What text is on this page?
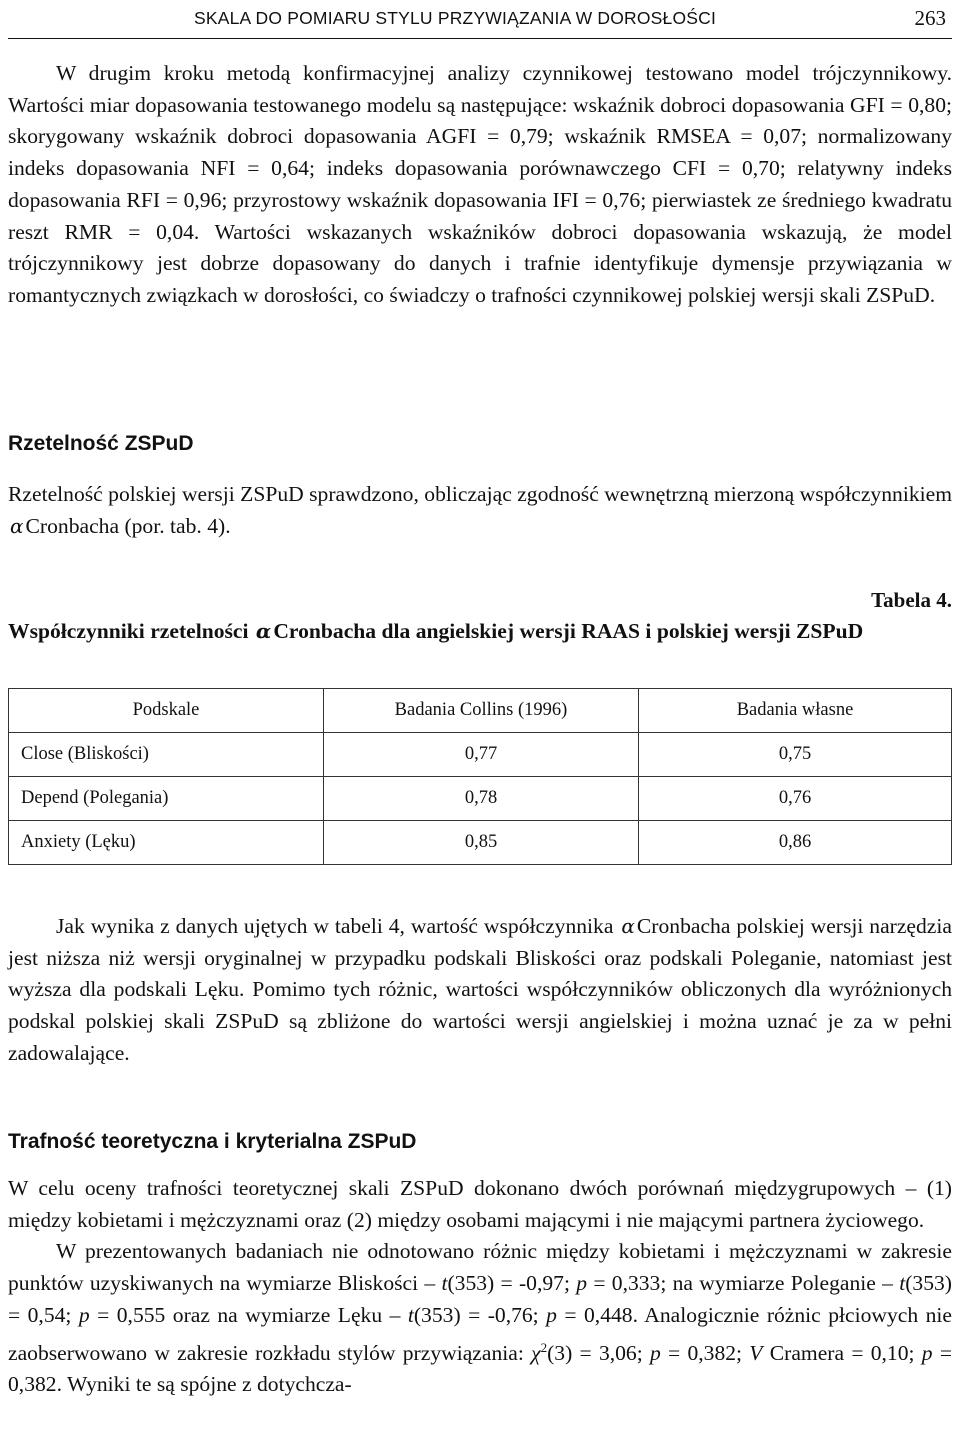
SKALA DO POMIARU STYLU PRZYWIĄZANIA W DOROSŁOŚCI	263

W drugim kroku metodą konfirmacyjnej analizy czynnikowej testowano model trójczynnikowy. Wartości miar dopasowania testowanego modelu są następujące: wskaźnik dobroci dopasowania GFI = 0,80; skorygowany wskaźnik dobroci dopasowania AGFI = 0,79; wskaźnik RMSEA = 0,07; normalizowany indeks dopasowania NFI = 0,64; indeks dopasowania porównawczego CFI = 0,70; relatywny indeks dopasowania RFI = 0,96; przyrostowy wskaźnik dopasowania IFI = 0,76; pierwiastek ze średniego kwadratu reszt RMR = 0,04. Wartości wskazanych wskaźników dobroci dopasowania wskazują, że model trójczynnikowy jest dobrze dopasowany do danych i trafnie identyfikuje dymensje przywiązania w romantycznych związkach w dorosłości, co świadczy o trafności czynnikowej polskiej wersji skali ZSPuD.

Rzetelność ZSPuD

Rzetelność polskiej wersji ZSPuD sprawdzono, obliczając zgodność wewnętrzną mierzoną współczynnikiem αCronbacha (por. tab. 4).

Tabela 4.
Współczynniki rzetelności αCronbacha dla angielskiej wersji RAAS i polskiej wersji ZSPuD
Podskale	Badania Collins (1996)	Badania własne
Close (Bliskości)	0,77	0,75
Depend (Polegania)	0,78	0,76
Anxiety (Lęku)	0,85	0,86

Jak wynika z danych ujętych w tabeli 4, wartość współczynnika αCronbacha polskiej wersji narzędzia jest niższa niż wersji oryginalnej w przypadku podskali Bliskości oraz podskali Poleganie, natomiast jest wyższa dla podskali Lęku. Pomimo tych różnic, wartości współczynników obliczonych dla wyróżnionych podskal polskiej skali ZSPuD są zbliżone do wartości wersji angielskiej i można uznać je za w pełni zadowalające.

Trafność teoretyczna i kryterialna ZSPuD

W celu oceny trafności teoretycznej skali ZSPuD dokonano dwóch porównań międzygrupowych – (1) między kobietami i mężczyznami oraz (2) między osobami mającymi i nie mającymi partnera życiowego.

W prezentowanych badaniach nie odnotowano różnic między kobietami i mężczyznami w zakresie punktów uzyskiwanych na wymiarze Bliskości – t(353) = -0,97; p = 0,333; na wymiarze Poleganie – t(353) = 0,54; p = 0,555 oraz na wymiarze Lęku – t(353) = -0,76; p = 0,448. Analogicznie różnic płciowych nie zaobserwowano w zakresie rozkładu stylów przywiązania: $\chi^2(3) = 3,06$; p = 0,382; V Cramera = 0,10; p = 0,382. Wyniki te są spójne z dotychcza-
